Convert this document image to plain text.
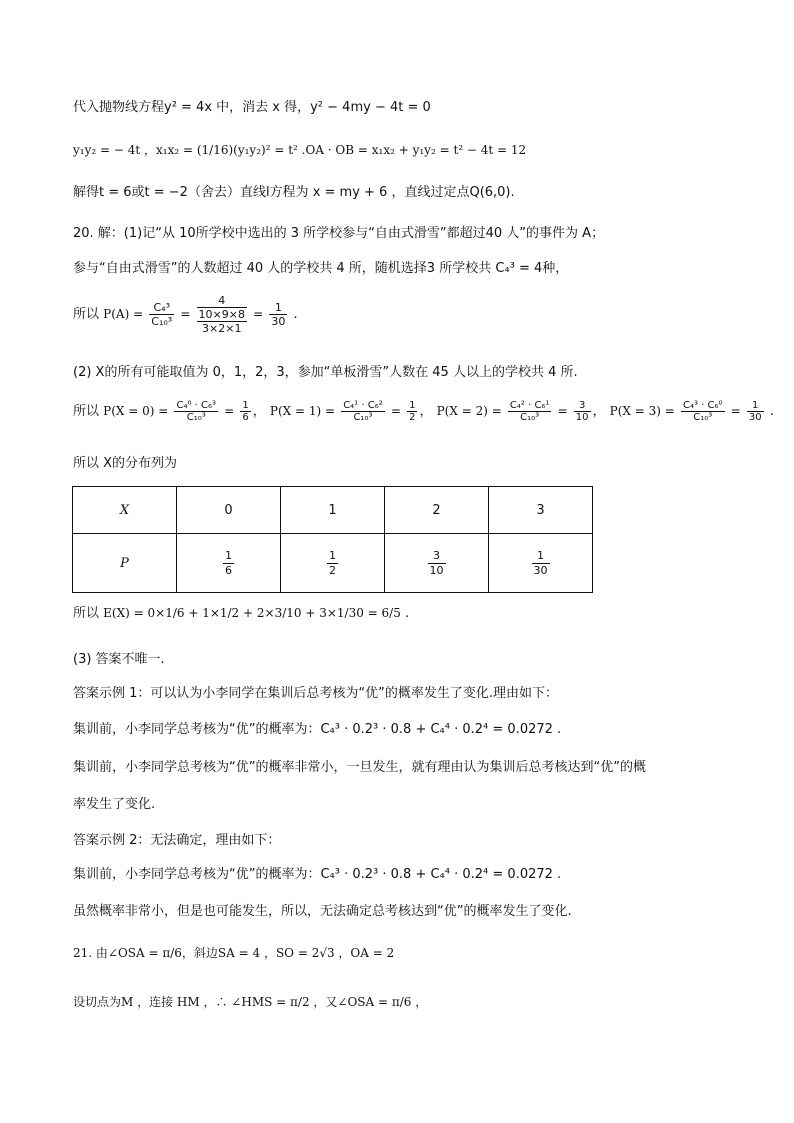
代入抛物线方程y² = 4x 中，消去 x 得，y² − 4my − 4t = 0
y₁y₂ = − 4t ，x₁x₂ = (1/16)(y₁y₂)² = t² .OA · OB = x₁x₂ + y₁y₂ = t² − 4t = 12
解得t = 6或t = −2（舍去）直线l方程为 x = my + 6 ，直线过定点Q(6,0).
20. 解：(1)记“从 10所学校中选出的 3 所学校参与“自由式滑雪”都超过40 人”的事件为 A；
参与“自由式滑雪”的人数超过 40 人的学校共 4 所，随机选择3 所学校共 C₄³ = 4种，
所以 $P(A) = \frac{\text{C₄³}}{\text{C₁₀³}}$ =
4
10×9×8
3×2×1
= $\frac{1}{30}$ .
(2) X的所有可能取值为 0，1，2，3，参加“单板滑雪”人数在 45 人以上的学校共 4 所.
所以 $P(X = 0) = \frac{\text{C₄⁰ · C₆³}}{\text{C₁₀³}} = \frac{1}{6}$ ， $P(X = 1) = \frac{\text{C₄¹ · C₆²}}{\text{C₁₀³}} = \frac{1}{2}$ ， $P(X = 2) = \frac{\text{C₄² · C₆¹}}{\text{C₁₀³}} = \frac{3}{10}$ ， $P(X = 3) = \frac{\text{C₄³ · C₆⁰}}{\text{C₁₀³}} = \frac{1}{30}$ .
所以 X的分布列为
X	0	1	2	3
P	$\frac{1}{6}$	$\frac{1}{2}$	$\frac{3}{10}$	$\frac{1}{30}$
所以 E(X) = 0×1/6 + 1×1/2 + 2×3/10 + 3×1/30 = 6/5 .
(3) 答案不唯一.
答案示例 1：可以认为小李同学在集训后总考核为“优”的概率发生了变化.理由如下：
集训前，小李同学总考核为“优”的概率为：C₄³ · 0.2³ · 0.8 + C₄⁴ · 0.2⁴ = 0.0272 .
集训前，小李同学总考核为“优”的概率非常小，一旦发生，就有理由认为集训后总考核达到“优”的概
率发生了变化.
答案示例 2：无法确定，理由如下：
集训前，小李同学总考核为“优”的概率为：C₄³ · 0.2³ · 0.8 + C₄⁴ · 0.2⁴ = 0.0272 .
虽然概率非常小，但是也可能发生，所以，无法确定总考核达到“优”的概率发生了变化.
21. 由∠OSA = π/6，斜边SA = 4 ，SO = 2√3 ，OA = 2
设切点为M ，连接 HM ，∴ ∠HMS = π/2 ，又∠OSA = π/6 ，
